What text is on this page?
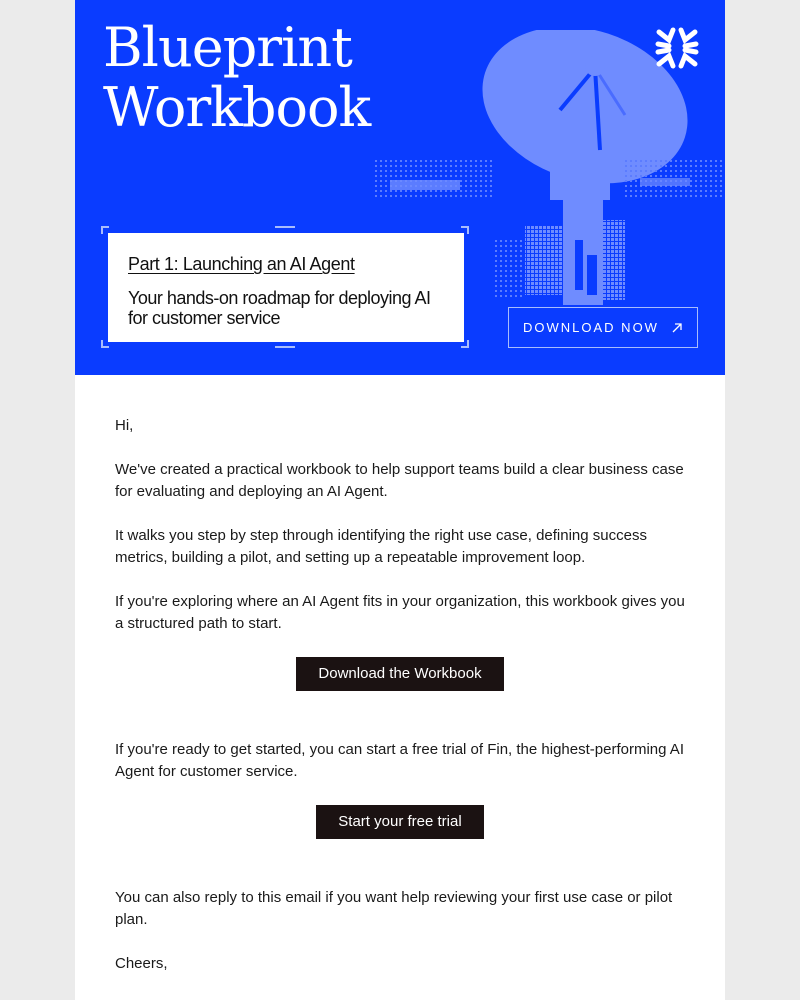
Blueprint
Workbook
Part 1: Launching an AI Agent

Your hands-on roadmap for deploying AI for customer service	DOWNLOAD NOW

Hi,

We've created a practical workbook to help support teams build a clear business case for evaluating and deploying an AI Agent.

It walks you step by step through identifying the right use case, defining success metrics, building a pilot, and setting up a repeatable improvement loop.

If you're exploring where an AI Agent fits in your organization, this workbook gives you a structured path to start.

Download the Workbook

If you're ready to get started, you can start a free trial of Fin, the highest-performing AI Agent for customer service.

Start your free trial

You can also reply to this email if you want help reviewing your first use case or pilot plan.

Cheers,
